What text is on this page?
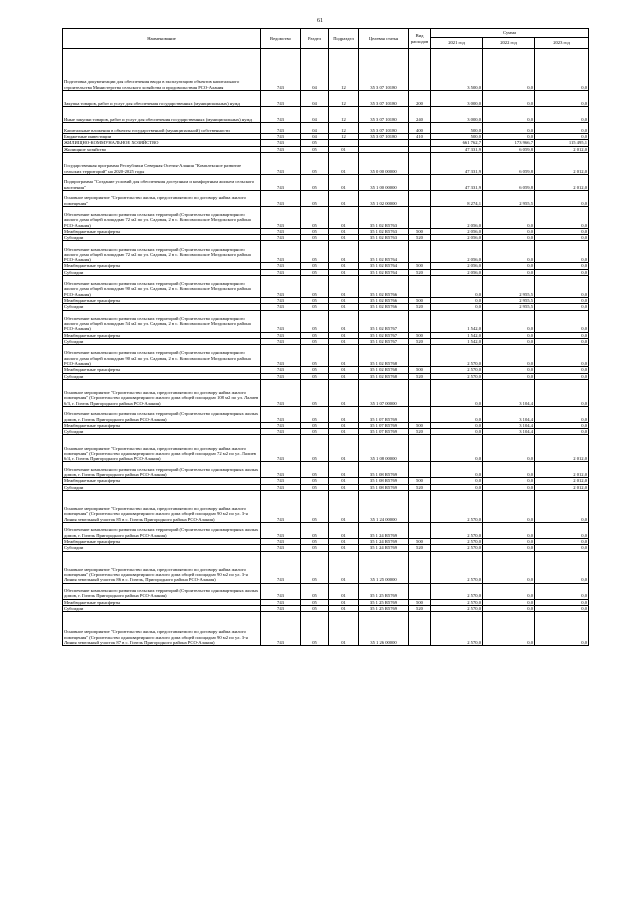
61
Наименование	Ведомство	Раздел	Подраздел	Целевая статья	Вид расходов	Сумма		
						2021 год	2022 год	2023 год
Подготовка документации для обеспечения ввода в эксплуатацию объектов капитального строительства Министерства сельского хозяйства и продовольствия РСО-Алания	743	04	12	35 3 07 10180		3 500,0	0,0	0,0
Закупка товаров, работ и услуг для обеспечения государственных (муниципальных) нужд	743	04	12	35 3 07 10180	200	3 000,0	0,0	0,0
Иные закупки товаров, работ и услуг для обеспечения государственных (муниципальных) нужд	743	04	12	35 3 07 10180	240	3 000,0	0,0	0,0
Капитальные вложения в объекты государственной (муниципальной) собственности	743	04	12	35 3 07 10180	400	500,0	0,0	0,0
Бюджетные инвестиции	743	04	12	35 3 07 10180	410	500,0	0,0	0,0
ЖИЛИЩНО-КОММУНАЛЬНОЕ ХОЗЯЙСТВО	743	05				661 762,7	173 966,7	115 495,1
Жилищное хозяйство	743	05	01			47 331,9	6 059,8	2 012,0
Государственная программа Республики Северная Осетия-Алания "Комплексное развитие сельских территорий" на 2020-2025 годы	743	05	01	35 0 00 00000		47 331,9	6 059,8	2 012,0
Подпрограмма "Создание условий для обеспечения доступным и комфортным жильем сельского населения"	743	05	01	35 1 00 00000		47 331,9	6 059,8	2 012,0
Основное мероприятие "Строительство жилья, предоставляемого по договору найма жилого помещения"	743	05	01	35 1 02 00000		8 274,1	2 955,5	0,0
Обеспечение комплексного развития сельских территорий (Строительство одноквартирного жилого дома общей площадью 72 м2 по ул. Садовая, 2 в с. Комсомольское Моздокского района РСО-Алания)	743	05	01	35 1 02 R5763		2 056,0	0,0	0,0
Межбюджетные трансферты	743	05	01	35 1 02 R5763	500	2 056,0	0,0	0,0
Субсидии	743	05	01	35 1 02 R5763	520	2 056,0	0,0	0,0
Обеспечение комплексного развития сельских территорий (Строительство одноквартирного жилого дома общей площадью 72 м2 по ул. Садовая, 2 в с. Комсомольское Моздокского района РСО-Алания)	743	05	01	35 1 02 R5764		2 056,0	0,0	0,0
Межбюджетные трансферты	743	05	01	35 1 02 R5764	500	2 056,0	0,0	0,0
Субсидии	743	05	01	35 1 02 R5764	520	2 056,0	0,0	0,0
Обеспечение комплексного развития сельских территорий (Строительство одноквартирного жилого дома общей площадью 90 м2 по ул. Садовая, 2 в с. Комсомольское Моздокского района РСО-Алания)	743	05	01	35 1 02 R5766		0,0	2 955,5	0,0
Межбюджетные трансферты	743	05	01	35 1 02 R5766	500	0,0	2 955,5	0,0
Субсидии	743	05	01	35 1 02 R5766	520	0,0	2 955,5	0,0
Обеспечение комплексного развития сельских территорий (Строительство одноквартирного жилого дома общей площадью 54 м2 по ул. Садовая, 2 в с. Комсомольское Моздокского района РСО-Алания)	743	05	01	35 1 02 R5767		1 542,0	0,0	0,0
Межбюджетные трансферты	743	05	01	35 1 02 R5767	500	1 542,0	0,0	0,0
Субсидии	743	05	01	35 1 02 R5767	520	1 542,0	0,0	0,0
Обеспечение комплексного развития сельских территорий (Строительство одноквартирного жилого дома общей площадью 90 м2 по ул. Садовая, 2 в с. Комсомольское Моздокского района РСО-Алания)	743	05	01	35 1 02 R5768		2 570,0	0,0	0,0
Межбюджетные трансферты	743	05	01	35 1 02 R5768	500	2 570,0	0,0	0,0
Субсидии	743	05	01	35 1 02 R5768	520	2 570,0	0,0	0,0
Основное мероприятие "Строительство жилья, предоставляемого по договору найма жилого помещения" (Строительство одноквартирного жилого дома общей площадью 108 м2 по ул. Лалиев 6/3, г. Гизель Пригородного района РСО-Алания)	743	05	01	35 1 07 00000		0,0	3 104,4	0,0
Обеспечение комплексного развития сельских территорий (Строительство одноквартирных жилых домов, г. Гизель Пригородного района РСО-Алания)	743	05	01	35 1 07 R5769		0,0	3 104,4	0,0
Межбюджетные трансферты	743	05	01	35 1 07 R5769	500	0,0	3 104,4	0,0
Субсидии	743	05	01	35 1 07 R5769	520	0,0	3 104,4	0,0
Основное мероприятие "Строительство жилья, предоставляемого по договору найма жилого помещения" (Строительство одноквартирного жилого дома общей площадью 72 м2 по ул. Лалиев 6/4, г. Гизель Пригородного района РСО-Алания)	743	05	01	35 1 08 00000		0,0	0,0	2 012,0
Обеспечение комплексного развития сельских территорий (Строительство одноквартирных жилых домов, г. Гизель Пригородного района РСО-Алания)	743	05	01	35 1 08 R5769		0,0	0,0	2 012,0
Межбюджетные трансферты	743	05	01	35 1 08 R5769	500	0,0	0,0	2 012,0
Субсидии	743	05	01	35 1 08 R5769	520	0,0	0,0	2 012,0
Основное мероприятие "Строительство жилья, предоставляемого по договору найма жилого помещения" (Строительство одноквартирного жилого дома общей площадью 90 м2 по ул. 3-я Линия земельный участок 85 в с. Гизель Пригородного района РСО-Алания)	743	05	01	35 1 24 00000		2 570,0	0,0	0,0
Обеспечение комплексного развития сельских территорий (Строительство одноквартирных жилых домов, г. Гизель Пригородного района РСО-Алания)	743	05	01	35 1 24 R5769		2 570,0	0,0	0,0
Межбюджетные трансферты	743	05	01	35 1 24 R5769	500	2 570,0	0,0	0,0
Субсидии	743	05	01	35 1 24 R5769	520	2 570,0	0,0	0,0
Основное мероприятие "Строительство жилья, предоставляемого по договору найма жилого помещения" (Строительство одноквартирного жилого дома общей площадью 90 м2 по ул. 3-я Линия земельный участок 86 в с. Гизель, Пригородного района РСО-Алания)	743	05	01	35 1 25 00000		2 570,0	0,0	0,0
Обеспечение комплексного развития сельских территорий (Строительство одноквартирных жилых домов, г. Гизель Пригородного района РСО-Алания)	743	05	01	35 1 25 R5769		2 570,0	0,0	0,0
Межбюджетные трансферты	743	05	01	35 1 25 R5769	500	2 570,0	0,0	0,0
Субсидии	743	05	01	35 1 25 R5769	520	2 570,0	0,0	0,0
Основное мероприятие "Строительство жилья, предоставляемого по договору найма жилого помещения" (Строительство одноквартирного жилого дома общей площадью 90 м2 по ул. 3-я Линия земельный участок 87 в с. Гизель Пригородного района РСО-Алания)	743	05	01	35 1 26 00000		2 570,0	0,0	0,0
